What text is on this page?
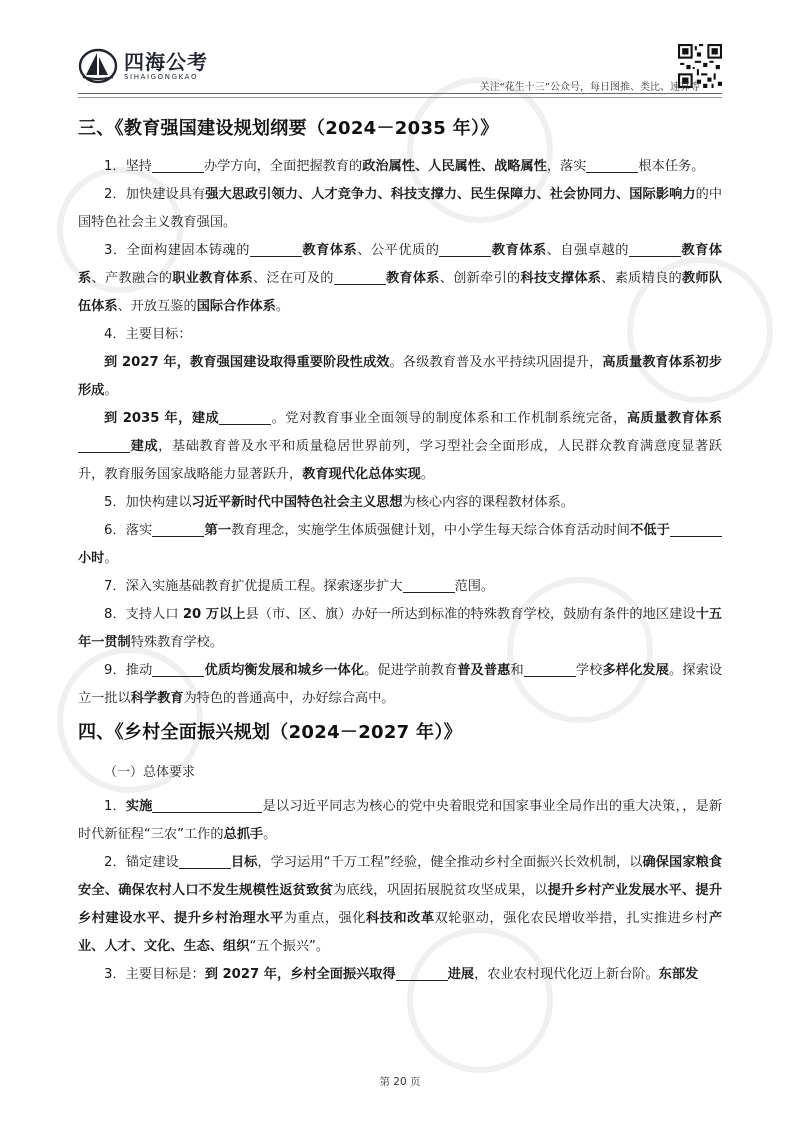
四海公考
SIHAIGONGKAO
关注“花生十三”公众号，每日图推、类比、速算等
三、《教育强国建设规划纲要（2024－2035 年）》

1．坚持	办学方向，全面把握教育的政治属性、人民属性、战略属性，落实	根本任务。

2．加快建设具有强大思政引领力、人才竞争力、科技支撑力、民生保障力、社会协同力、国际影响力的中国特色社会主义教育强国。

3．全面构建固本铸魂的	教育体系、公平优质的	教育体系、自强卓越的	教育体系、产教融合的职业教育体系、泛在可及的	教育体系、创新牵引的科技支撑体系、素质精良的教师队伍体系、开放互鉴的国际合作体系。

4．主要目标：

到 2027 年，教育强国建设取得重要阶段性成效。各级教育普及水平持续巩固提升，高质量教育体系初步形成。

到 2035 年，建成	。党对教育事业全面领导的制度体系和工作机制系统完备，高质量教育体系建成，基础教育普及水平和质量稳居世界前列，学习型社会全面形成，人民群众教育满意度显著跃升，教育服务国家战略能力显著跃升，教育现代化总体实现。

5．加快构建以习近平新时代中国特色社会主义思想为核心内容的课程教材体系。

6．落实	第一教育理念，实施学生体质强健计划，中小学生每天综合体育活动时间不低于小时。

7．深入实施基础教育扩优提质工程。探索逐步扩大	范围。

8．支持人口 20 万以上县（市、区、旗）办好一所达到标准的特殊教育学校，鼓励有条件的地区建设十五年一贯制特殊教育学校。

9．推动	优质均衡发展和城乡一体化。促进学前教育普及普惠和	学校多样化发展。探索设立一批以科学教育为特色的普通高中，办好综合高中。

四、《乡村全面振兴规划（2024－2027 年）》

（一）总体要求

1．实施	是以习近平同志为核心的党中央着眼党和国家事业全局作出的重大决策，，是新时代新征程“三农”工作的总抓手。

2．锚定建设	目标，学习运用“千万工程”经验，健全推动乡村全面振兴长效机制，以确保国家粮食安全、确保农村人口不发生规模性返贫致贫为底线，巩固拓展脱贫攻坚成果，以提升乡村产业发展水平、提升乡村建设水平、提升乡村治理水平为重点，强化科技和改革双轮驱动，强化农民增收举措，扎实推进乡村产业、人才、文化、生态、组织“五个振兴”。

3．主要目标是：到 2027 年，乡村全面振兴取得	进展，农业农村现代化迈上新台阶。东部发

第 20 页
